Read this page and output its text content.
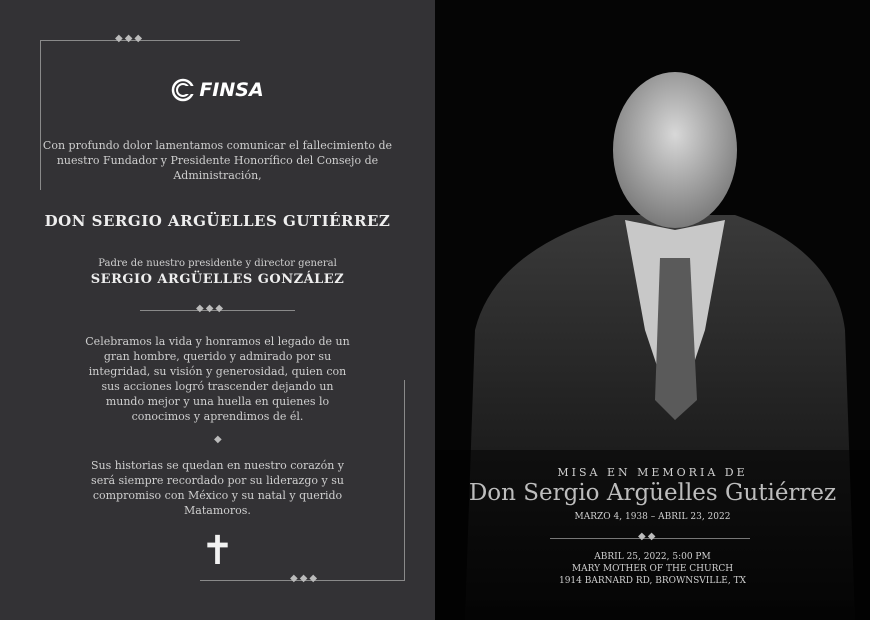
◆◆◆
◆◆◆
FINSA
Con profundo dolor lamentamos comunicar el fallecimiento de nuestro Fundador y Presidente Honorífico del Consejo de Administración,
DON SERGIO ARGÜELLES GUTIÉRREZ
Padre de nuestro presidente y director general
SERGIO ARGÜELLES GONZÁLEZ
◆◆◆
Celebramos la vida y honramos el legado de un gran hombre, querido y admirado por su integridad, su visión y generosidad, quien con sus acciones logró trascender dejando un mundo mejor y una huella en quienes lo conocimos y aprendimos de él.
◆
Sus historias se quedan en nuestro corazón y será siempre recordado por su liderazgo y su compromiso con México y su natal y querido Matamoros.
✝
MISA EN MEMORIA DE
Don Sergio Argüelles Gutiérrez
MARZO 4, 1938 – ABRIL 23, 2022
◆◆
ABRIL 25, 2022, 5:00 PM
MARY MOTHER OF THE CHURCH
1914 BARNARD RD, BROWNSVILLE, TX
